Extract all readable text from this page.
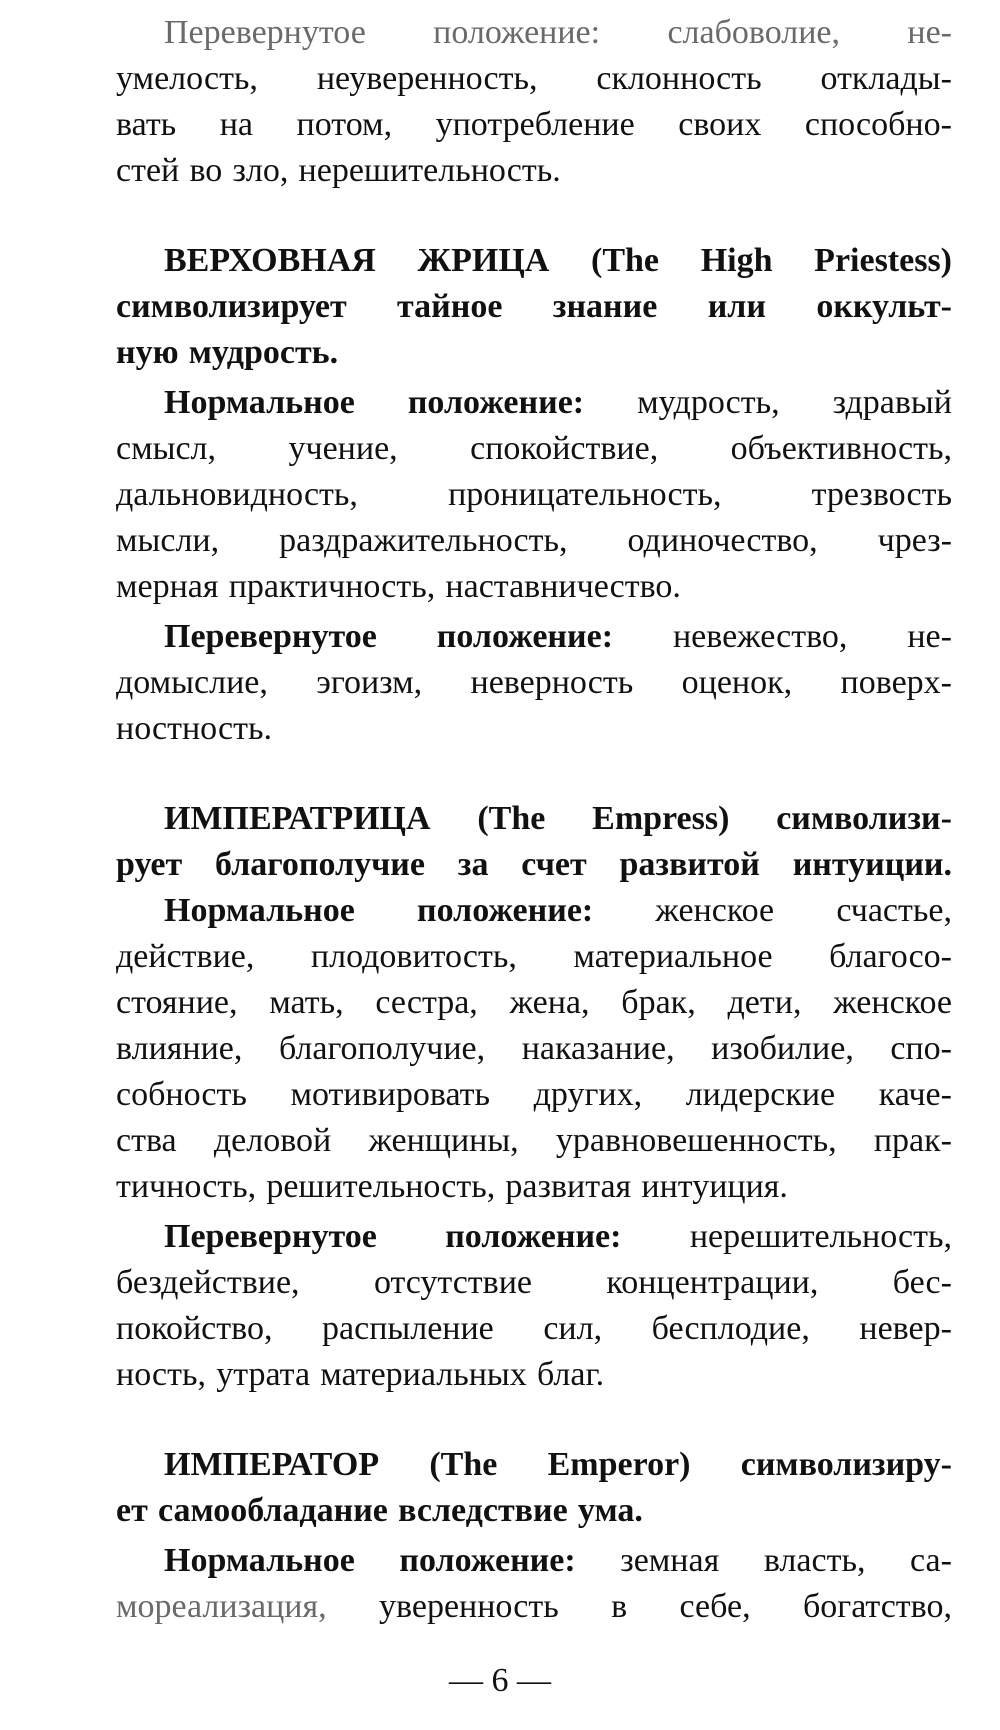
Перевернутое положение: слабоволие, не-
умелость, неуверенность, склонность отклады-
вать на потом, употребление своих способно-
стей во зло, нерешительность.
ВЕРХОВНАЯ ЖРИЦА (The High Priestess)
символизирует тайное знание или оккульт-
ную мудрость.
Нормальное положение: мудрость, здравый
смысл, учение, спокойствие, объективность,
дальновидность,	проницательность,	трезвость
мысли, раздражительность, одиночество, чрез-
мерная практичность, наставничество.
Перевернутое положение: невежество, не-
домыслие, эгоизм, неверность оценок, поверх-
ностность.
ИМПЕРАТРИЦА (The Empress) символизи-
рует благополучие за счет развитой интуиции.
Нормальное положение: женское счастье,
действие, плодовитость, материальное благосо-
стояние, мать, сестра, жена, брак, дети, женское
влияние, благополучие, наказание, изобилие, спо-
собность мотивировать других, лидерские каче-
ства деловой женщины, уравновешенность, прак-
тичность, решительность, развитая интуиция.
Перевернутое положение: нерешительность,
бездействие, отсутствие концентрации, бес-
покойство, распыление сил, бесплодие, невер-
ность, утрата материальных благ.
ИМПЕРАТОР (The Emperor) символизиру-
ет самообладание вследствие ума.
Нормальное положение: земная власть, са-
мореализация, уверенность в себе, богатство,
— 6 —
